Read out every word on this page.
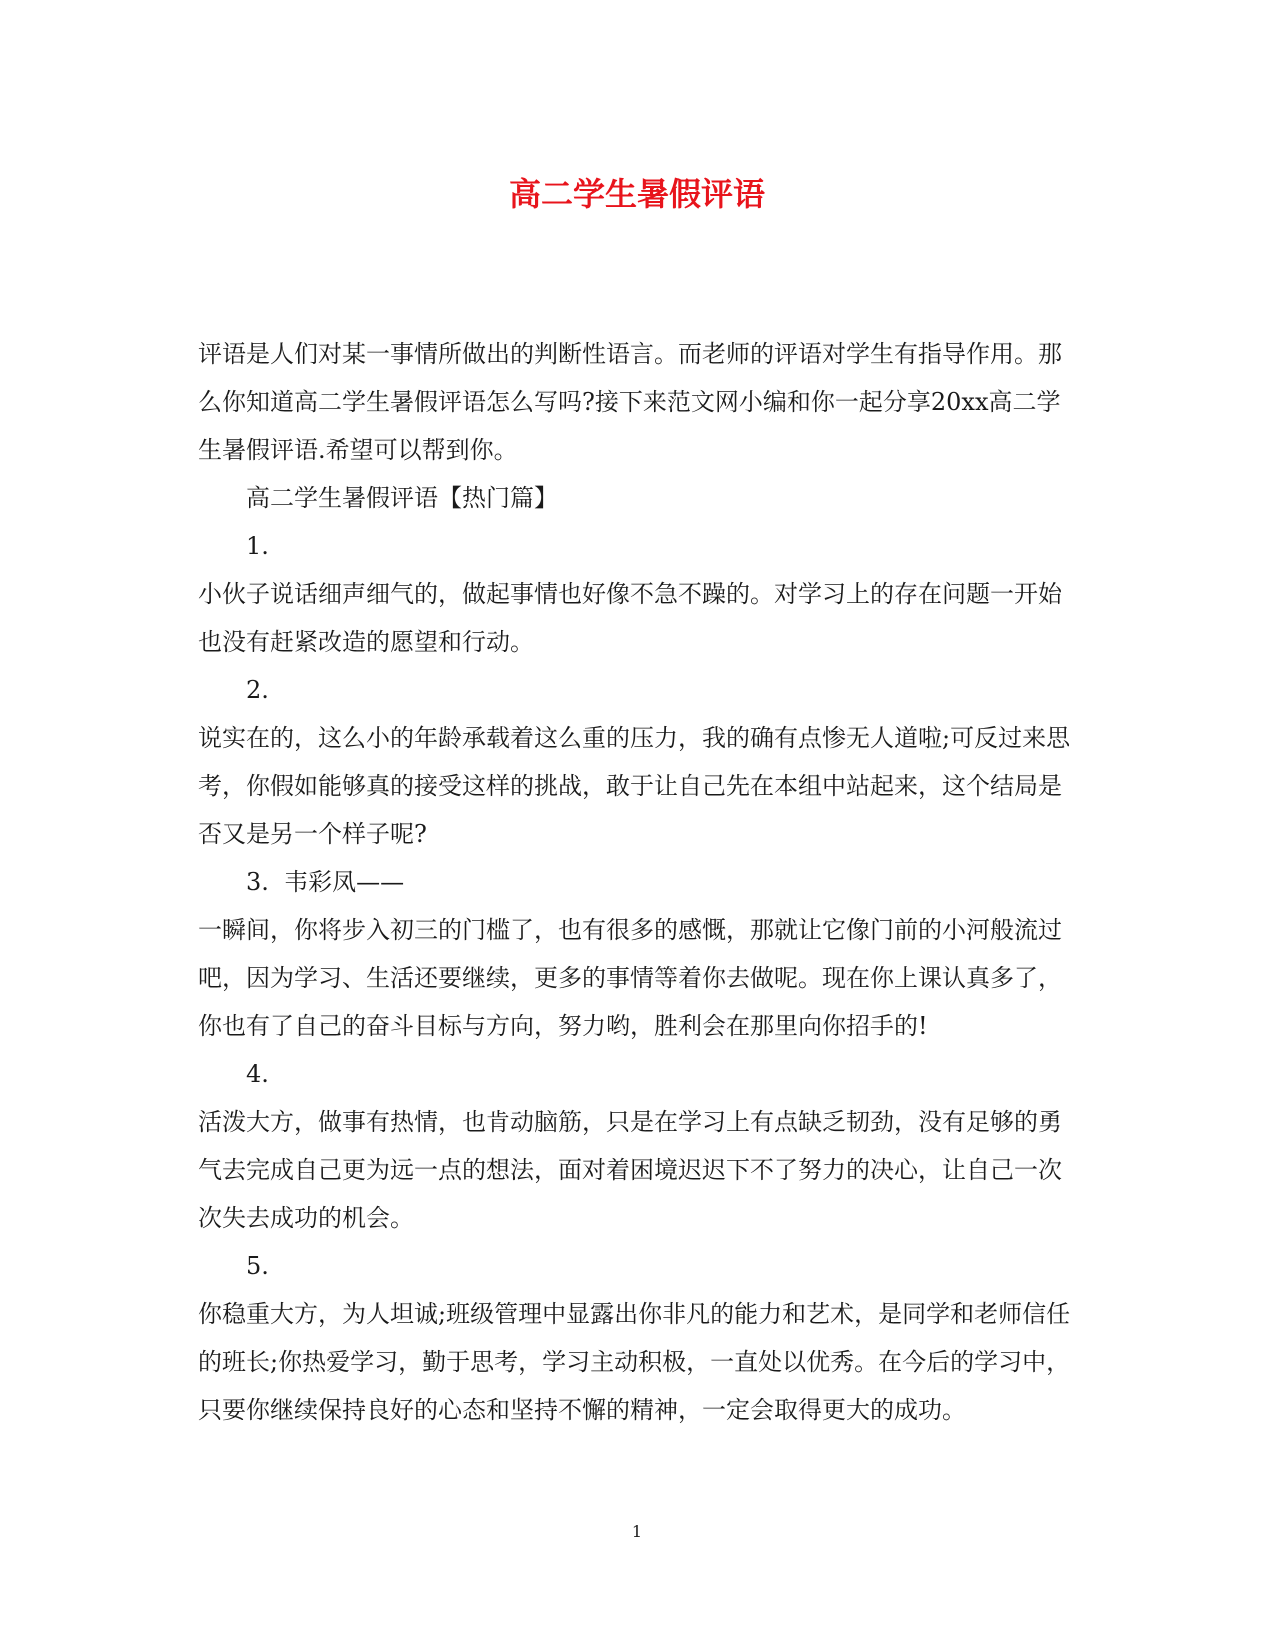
高二学生暑假评语

评语是人们对某一事情所做出的判断性语言。而老师的评语对学生有指导作用。那么你知道高二学生暑假评语怎么写吗?接下来范文网小编和你一起分享20xx高二学生暑假评语.希望可以帮到你。

高二学生暑假评语【热门篇】

1.

小伙子说话细声细气的，做起事情也好像不急不躁的。对学习上的存在问题一开始也没有赶紧改造的愿望和行动。

2.

说实在的，这么小的年龄承载着这么重的压力，我的确有点惨无人道啦;可反过来思考，你假如能够真的接受这样的挑战，敢于让自己先在本组中站起来，这个结局是否又是另一个样子呢?

3.  韦彩凤——

一瞬间，你将步入初三的门槛了，也有很多的感慨，那就让它像门前的小河般流过吧，因为学习、生活还要继续，更多的事情等着你去做呢。现在你上课认真多了，你也有了自己的奋斗目标与方向，努力哟，胜利会在那里向你招手的!

4.

活泼大方，做事有热情，也肯动脑筋，只是在学习上有点缺乏韧劲，没有足够的勇气去完成自己更为远一点的想法，面对着困境迟迟下不了努力的决心，让自己一次次失去成功的机会。

5.

你稳重大方，为人坦诚;班级管理中显露出你非凡的能力和艺术，是同学和老师信任的班长;你热爱学习，勤于思考，学习主动积极，一直处以优秀。在今后的学习中，只要你继续保持良好的心态和坚持不懈的精神，一定会取得更大的成功。

1
